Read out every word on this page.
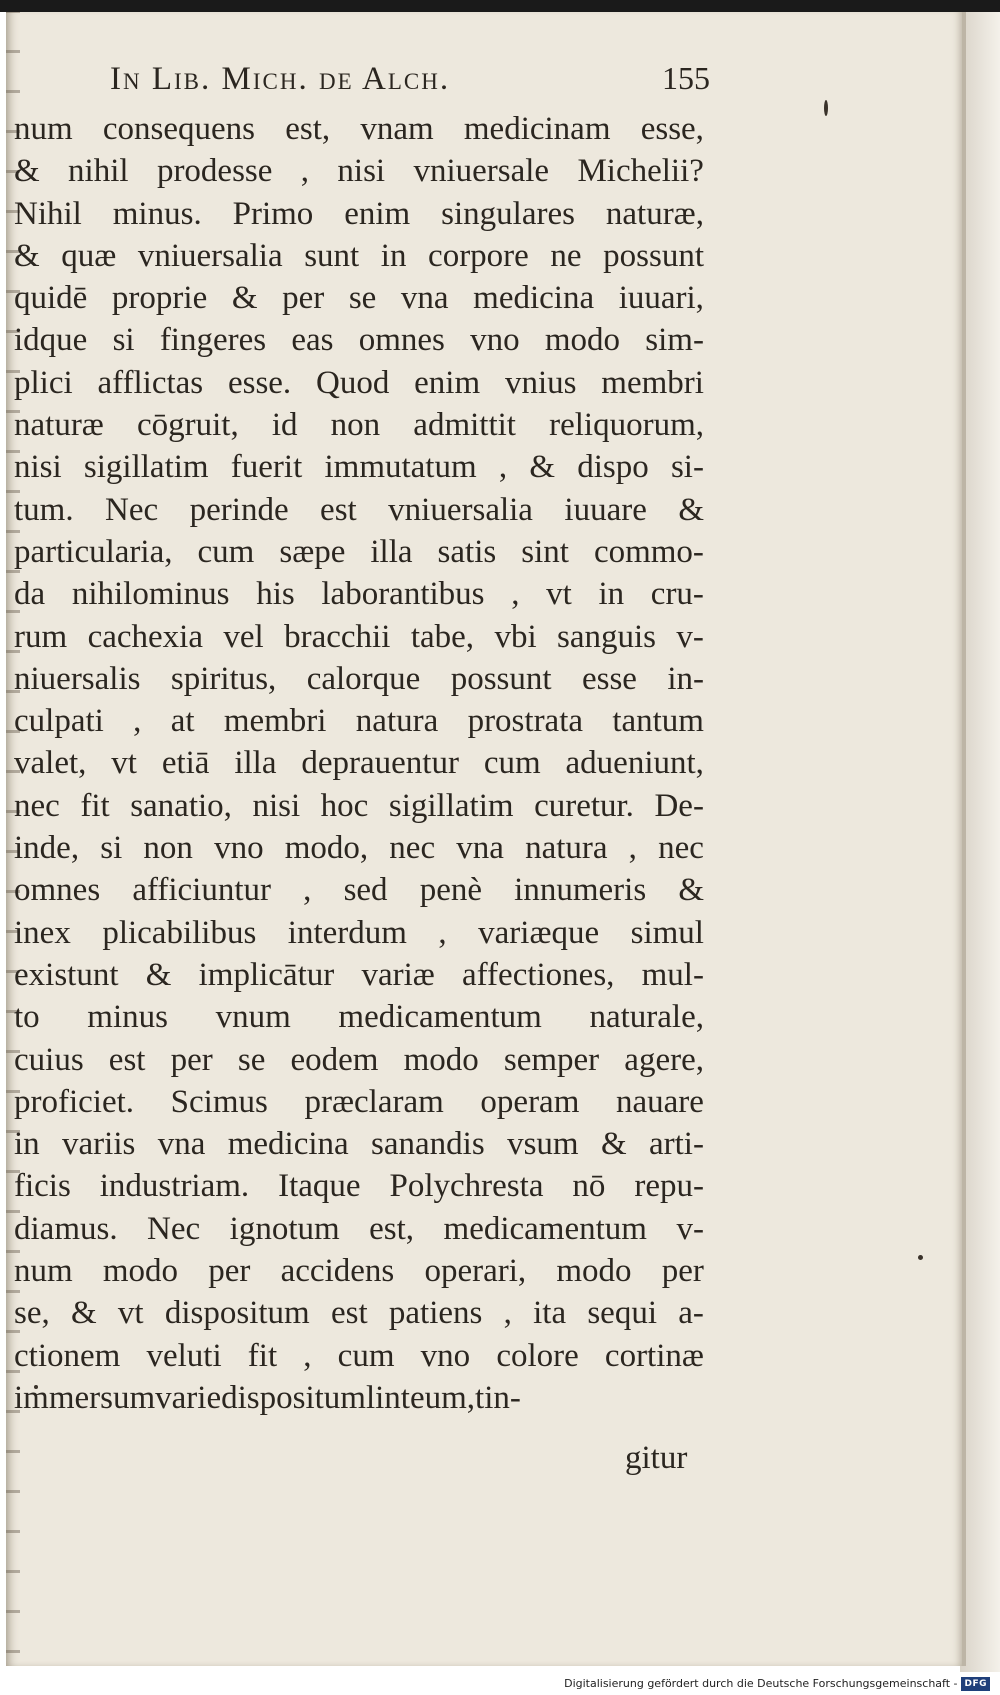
In Lib. Mich. de Alch.	155
num consequens est, vnam medicinam esse,
& nihil prodesse , nisi vniuersale Michelii?
Nihil minus. Primo enim singulares naturæ,
& quæ vniuersalia sunt in corpore ne possunt
quidē proprie & per se vna medicina iuuari,
idque si fingeres eas omnes vno modo sim-
plici afflictas esse. Quod enim vnius membri
naturæ cōgruit, id non admittit reliquorum,
nisi sigillatim fuerit immutatum , & dispo si-
tum. Nec perinde est vniuersalia iuuare &
particularia, cum sæpe illa satis sint commo-
da nihilominus his laborantibus , vt in cru-
rum cachexia vel bracchii tabe, vbi sanguis v-
niuersalis spiritus, calorque possunt esse in-
culpati , at membri natura prostrata tantum
valet, vt etiā illa deprauentur cum adueniunt,
nec fit sanatio, nisi hoc sigillatim curetur. De-
inde, si non vno modo, nec vna natura , nec
omnes afficiuntur , sed penè innumeris &
inex plicabilibus interdum , variæque simul
existunt & implicātur variæ affectiones, mul-
to minus vnum medicamentum naturale,
cuius est per se eodem modo semper agere,
proficiet. Scimus præclaram operam nauare
in variis vna medicina sanandis vsum & arti-
ficis industriam. Itaque Polychresta nō repu-
diamus. Nec ignotum est, medicamentum v-
num modo per accidens operari, modo per
se, & vt dispositum est patiens , ita sequi a-
ctionem veluti fit , cum vno colore cortinæ
immersum varie dispositum linteum , tin-
gitur
Digitalisierung gefördert durch die Deutsche Forschungsgemeinschaft - DFG
